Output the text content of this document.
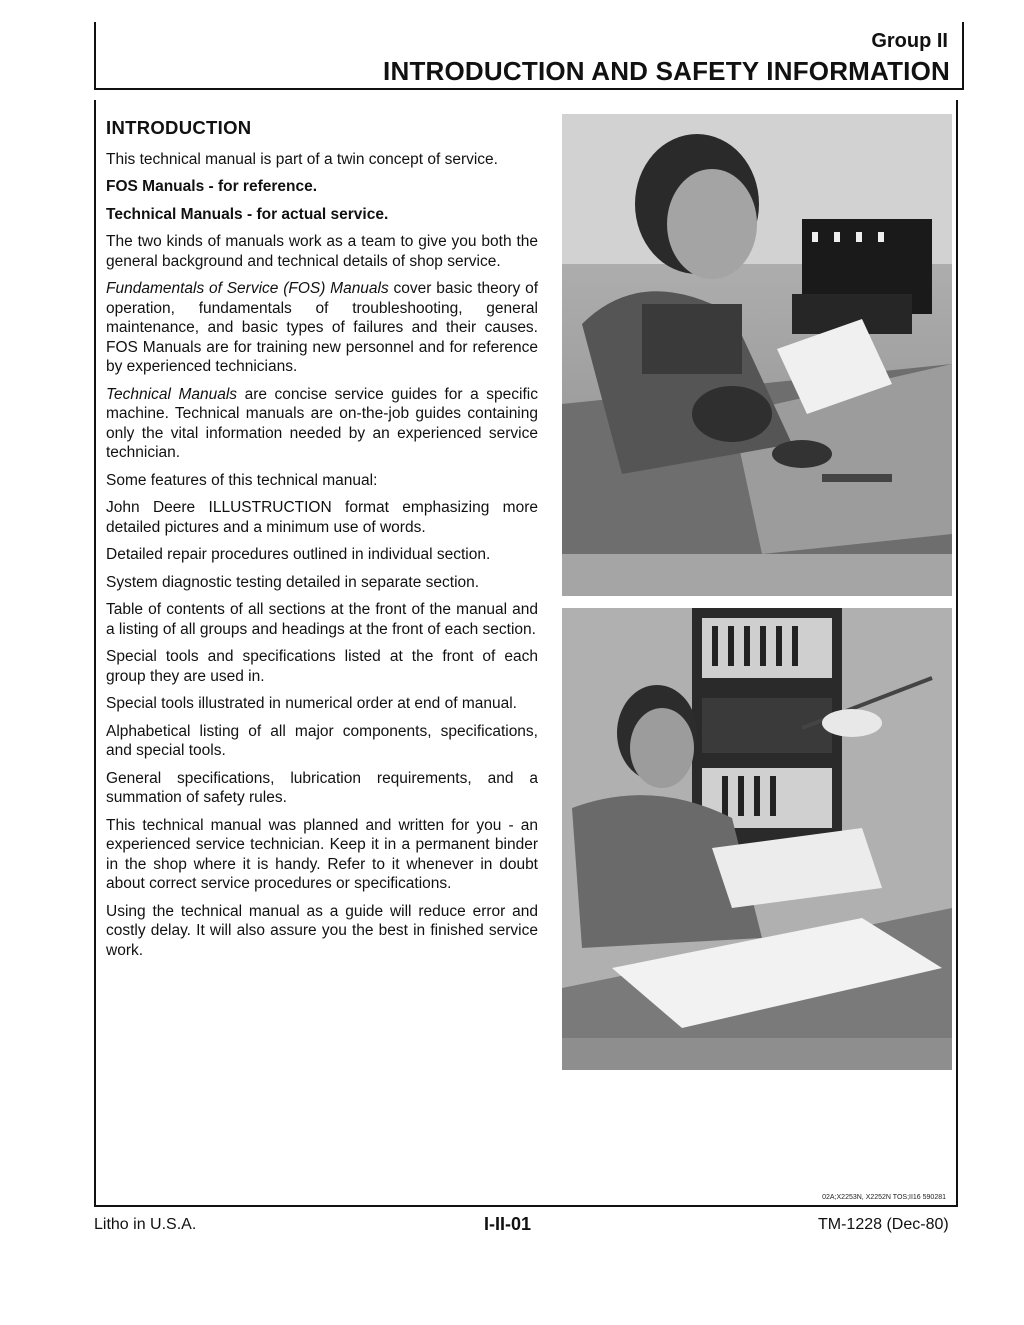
Group II
INTRODUCTION AND SAFETY INFORMATION
INTRODUCTION

This technical manual is part of a twin concept of service.

FOS Manuals - for reference.

Technical Manuals - for actual service.

The two kinds of manuals work as a team to give you both the general background and technical details of shop service.

Fundamentals of Service (FOS) Manuals cover basic theory of operation, fundamentals of troubleshooting, general maintenance, and basic types of failures and their causes. FOS Manuals are for training new personnel and for reference by experienced technicians.

Technical Manuals are concise service guides for a specific machine. Technical manuals are on-the-job guides containing only the vital information needed by an experienced service technician.

Some features of this technical manual:

John Deere ILLUSTRUCTION format emphasizing more detailed pictures and a minimum use of words.

Detailed repair procedures outlined in individual section.

System diagnostic testing detailed in separate section.

Table of contents of all sections at the front of the manual and a listing of all groups and headings at the front of each section.

Special tools and specifications listed at the front of each group they are used in.

Special tools illustrated in numerical order at end of manual.

Alphabetical listing of all major components, specifications, and special tools.

General specifications, lubrication requirements, and a summation of safety rules.

This technical manual was planned and written for you - an experienced service technician. Keep it in a permanent binder in the shop where it is handy. Refer to it whenever in doubt about correct service procedures or specifications.

Using the technical manual as a guide will reduce error and costly delay. It will also assure you the best in finished service work.

02A;X2253N, X2252N TOS;II16 590281
Litho in U.S.A.	I-II-01	TM-1228 (Dec-80)
